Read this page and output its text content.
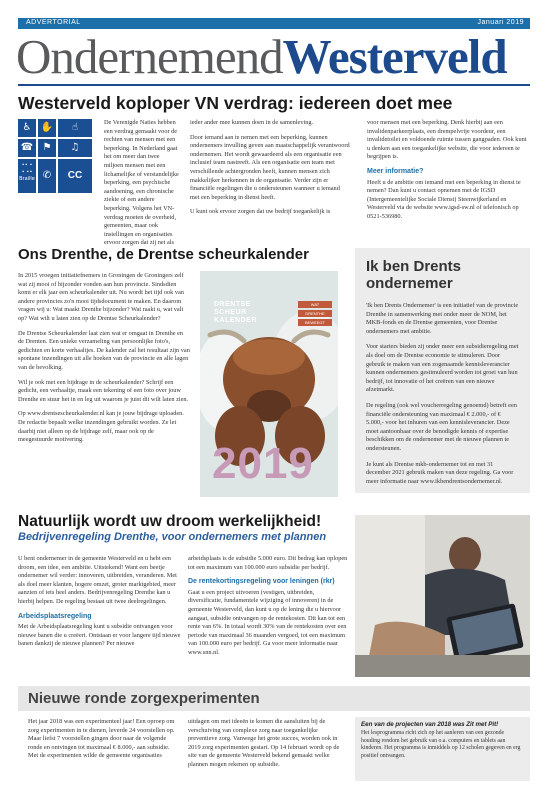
ADVERTORIAL	Januari 2019
OndernemendWesterveld
Westerveld koploper VN verdrag: iedereen doet mee
♿ ✋	☝
☎ ⚑	♫
∙∙ ∙
∙ ∙∙
Braille ✆	CC

De Verenigde Naties hebben een verdrag gemaakt voor de rechten van mensen met een beperking. In Nederland gaat het om meer dan twee miljoen mensen met een lichamelijke of verstandelijke beperking, een psychische aandoening, een chronische ziekte of een andere beperking. Volgens het VN-verdrag moeten de overheid, gemeenten, maar ook instellingen en organisaties ervoor zorgen dat zij net als

ieder ander mee kunnen doen in de samenleving.

Door iemand aan te nemen met een beperking, kunnen ondernemers invulling geven aan maatschappelijk verantwoord ondernemen. Het wordt gewaardeerd als een organisatie een inclusief team nastreeft. Als een organisatie een team met verschillende achtergronden heeft, kunnen mensen zich makkelijker herkennen in de organisatie. Verder zijn er financiële regelingen die u ondersteunen wanneer u iemand met een beperking in dienst heeft.

U kunt ook ervoor zorgen dat uw bedrijf toegankelijk is

voor mensen met een beperking. Denk hierbij aan een invalidenparkeerplaats, een drempelvrije voordeur, een invalidetoilet en voldoende ruimte tussen gangpaden. Ook kunt u denken aan een toegankelijke website, die voor iedereen te begrijpen is.

Meer informatie?

Heeft u de ambitie om iemand met een beperking in dienst te nemen? Dan kunt u contact opnemen met de IGSD (Intergemeentelijke Sociale Dienst) Steenwijkerland en Westerveld via de website www.igsd-sw.nl of telefonisch op 0521-536980.

Ons Drenthe, de Drentse scheurkalender

In 2015 vroegen initiatiefnemers in Groningen de Groningers zelf wat zij mooi of bijzonder vonden aan hun provincie. Sindsdien komt er elk jaar een scheurkalender uit. Nu wordt het tijd ook van andere provincies zo'n mooi tijdsdocument te maken. En daarom vragen wij u: Wat maakt Drenthe bijzonder? Wat raakt u, wat valt op? Wat wilt u laten zien op de Drentse Scheurkalender?

De Drentse Scheurkalender laat zien wat er omgaat in Drenthe en de Drenten. Een unieke verzameling van persoonlijke foto's, gedichten en korte verhaaltjes. De kalender zal het resultaat zijn van spontane inzendingen uit alle hoeken van de provincie en alle lagen van de bevolking.

Wil je ook met een bijdrage in de scheurkalender? Schrijf een gedicht, een verhaaltje, maak een tekening of een foto over jouw Drenthe en stuur het in en leg uit waarom je juist dit wilt laten zien.

Op www.drentsescheurkalender.nl kan je jouw bijdrage uploaden. De redactie bepaalt welke inzendingen gebruikt worden. Ze let daarbij niet alleen op de bijdrage zelf, maar ook op de meegestuurde motivering.

DRENTSE
SCHEUR
KALENDER
WAT
DRENTHE
BEWEEGT
2019
Ik ben Drents ondernemer

'Ik ben Drents Ondernemer' is een initiatief van de provincie Drenthe in samenwerking met onder meer de NOM, het MKB-fonds en de Drentse gemeenten, voor Drentse ondernemers met ambitie.

Voor starters bieden zij onder meer een subsidieregeling met als doel om de Drentse economie te stimuleren. Door gebruik te maken van een zogenaamde kennisleverancier kunnen ondernemers gestimuleerd worden tot groei van hun bedrijf, tot innovatie of het creëren van een nieuwe afzetmarkt.

De regeling (ook wel voucherregeling genoemd) betreft een financiële ondersteuning van maximaal € 2.000,- of € 5.000,- voor het inhuren van een kennisleverancier. Deze moet aantoonbaar over de benodigde kennis of expertise beschikken om de ondernemer met de nieuwe plannen te ondersteunen.

Je kunt als Drentse mkb-ondernemer tot en met 31 december 2021 gebruik maken van deze regeling. Ga voor meer informatie naar www.ikbendrentsondernemer.nl.

Natuurlijk wordt uw droom werkelijkheid!
Bedrijvenregeling Drenthe, voor ondernemers met plannen

U bent ondernemer in de gemeente Westerveld en u hebt een droom, een idee, een ambitie. Uitstekend! Want een beetje ondernemer wil verder: innoveren, uitbreiden, veranderen. Met als doel meer klanten, hogere omzet, groter marktgebied, meer aanzien of iets heel anders. Bedrijvenregeling Drenthe kan u hierbij helpen. De regeling bestaat uit twee deelregelingen.

Arbeidsplaatsregeling

Met de Arbeidsplaatsregeling kunt u subsidie ontvangen voor nieuwe banen die u creëert. Ontstaan er voor langere tijd nieuwe banen dankzij de nieuwe plannen? Per nieuwe

arbeidsplaats is de subsidie 5.000 euro. Dit bedrag kan oplopen tot een maximum van 100.000 euro subsidie per bedrijf.

De rentekortingsregeling voor leningen (rkr)

Gaat u een project uitvoeren (vestigen, uitbreiden, diversificatie, fundamentele wijziging of innoveren) in de gemeente Westerveld, dan kunt u op de lening die u hiervoor aangaat, subsidie ontvangen op de rentekosten. Dit kan tot een rente van 6%. In totaal wordt 30% van de rentekosten over een periode van maximaal 36 maanden vergoed, tot een maximum van 100.000 euro per bedrijf. Ga voor meer informatie naar www.snn.nl.

Nieuwe ronde zorgexperimenten

Het jaar 2018 was een experimenteel jaar! Een oproep om zorg experimenten in te dienen, leverde 24 voorstellen op. Maar liefst 7 voorstellen gingen door naar de volgende ronde en ontvingen tot maximaal € 8.000,- aan subsidie. Met de experimenten wilde de gemeente organisaties

uitdagen om met ideeën te komen die aansluiten bij de verschuiving van complexe zorg naar toegankelijke preventieve zorg. Vanwege het grote succes, worden ook in 2019 zorg experimenten gestart. Op 14 februari wordt op de site van de gemeente Westerveld bekend gemaakt welke plannen mogen rekenen op subsidie.

Een van de projecten van 2018 was Zit met Pit!
Het lesprogramma richt zich op het aanleren van een gezonde houding rondom het gebruik van o.a. computers en tablets aan kinderen. Het programma is inmiddels op 12 scholen gegeven en erg positief ontvangen.
